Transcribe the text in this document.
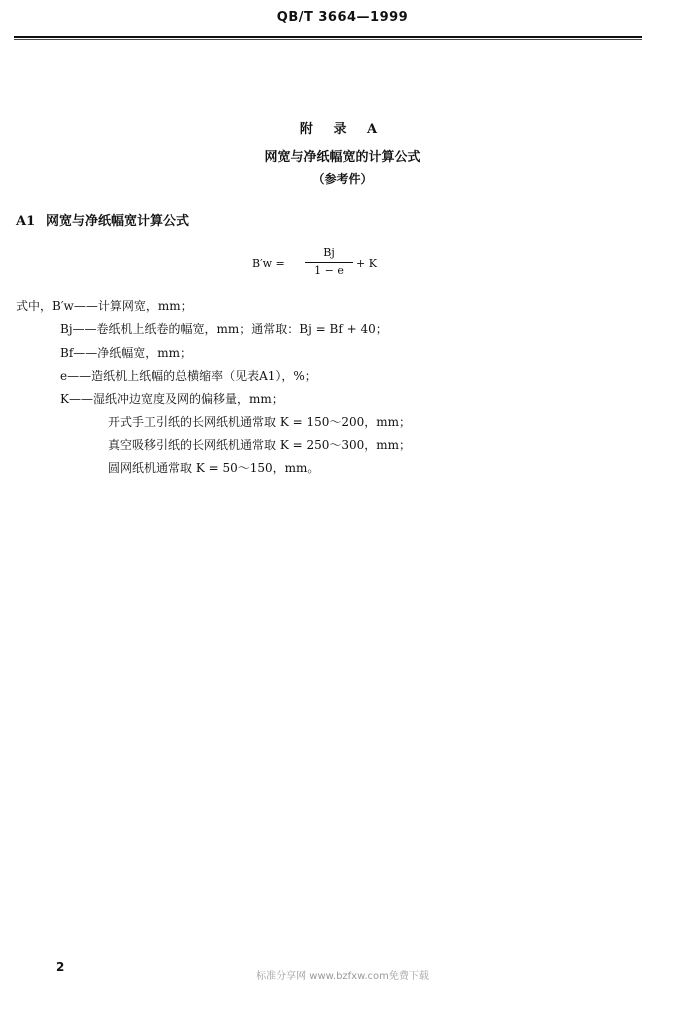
QB/T 3664—1999
附 录 A
网宽与净纸幅宽的计算公式
（参考件）
A1 网宽与净纸幅宽计算公式
B′w =
Bj
1 − e
+ K
式中，B′w——计算网宽，mm；
Bj——卷纸机上纸卷的幅宽，mm；通常取：Bj = Bf + 40；
Bf——净纸幅宽，mm；
e——造纸机上纸幅的总横缩率（见表A1），%；
K——湿纸冲边宽度及网的偏移量，mm；
开式手工引纸的长网纸机通常取 K = 150～200，mm；
真空吸移引纸的长网纸机通常取 K = 250～300，mm；
圆网纸机通常取 K = 50～150，mm。
2
标准分享网 www.bzfxw.com免费下载
